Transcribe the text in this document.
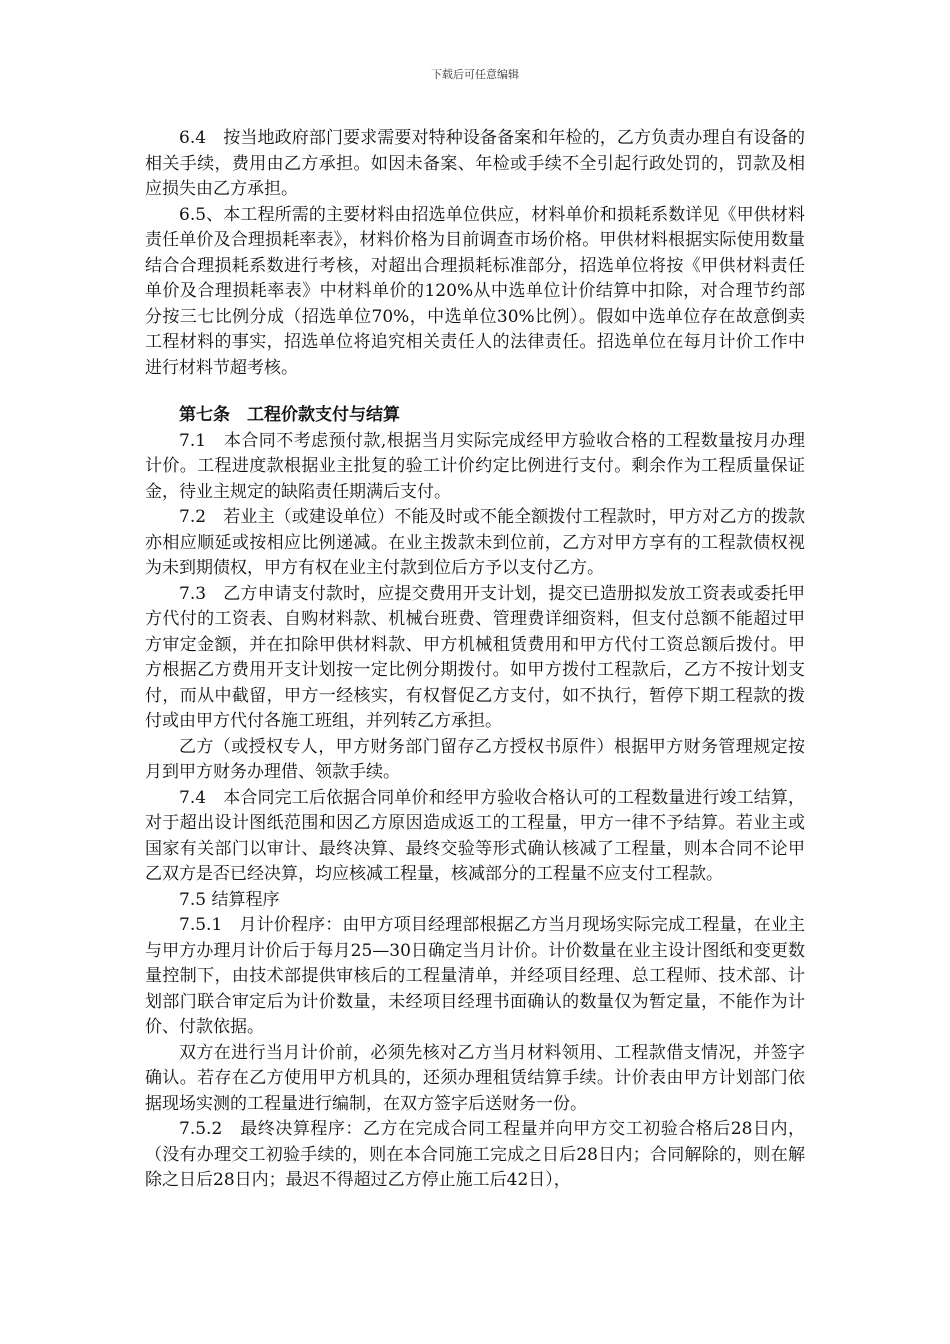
下载后可任意编辑

6.4　按当地政府部门要求需要对特种设备备案和年检的，乙方负责办理自有设备的相关手续，费用由乙方承担。如因未备案、年检或手续不全引起行政处罚的，罚款及相应损失由乙方承担。

6.5、本工程所需的主要材料由招选单位供应，材料单价和损耗系数详见《甲供材料责任单价及合理损耗率表》，材料价格为目前调查市场价格。甲供材料根据实际使用数量结合合理损耗系数进行考核，对超出合理损耗标准部分，招选单位将按《甲供材料责任单价及合理损耗率表》中材料单价的120%从中选单位计价结算中扣除，对合理节约部分按三七比例分成（招选单位70%，中选单位30%比例）。假如中选单位存在故意倒卖工程材料的事实，招选单位将追究相关责任人的法律责任。招选单位在每月计价工作中进行材料节超考核。

第七条　工程价款支付与结算

7.1　本合同不考虑预付款,根据当月实际完成经甲方验收合格的工程数量按月办理计价。工程进度款根据业主批复的验工计价约定比例进行支付。剩余作为工程质量保证金，待业主规定的缺陷责任期满后支付。

7.2　若业主（或建设单位）不能及时或不能全额拨付工程款时，甲方对乙方的拨款亦相应顺延或按相应比例递减。在业主拨款未到位前，乙方对甲方享有的工程款债权视为未到期债权，甲方有权在业主付款到位后方予以支付乙方。

7.3　乙方申请支付款时，应提交费用开支计划，提交已造册拟发放工资表或委托甲方代付的工资表、自购材料款、机械台班费、管理费详细资料，但支付总额不能超过甲方审定金额，并在扣除甲供材料款、甲方机械租赁费用和甲方代付工资总额后拨付。甲方根据乙方费用开支计划按一定比例分期拨付。如甲方拨付工程款后，乙方不按计划支付，而从中截留，甲方一经核实，有权督促乙方支付，如不执行，暂停下期工程款的拨付或由甲方代付各施工班组，并列转乙方承担。

乙方（或授权专人，甲方财务部门留存乙方授权书原件）根据甲方财务管理规定按月到甲方财务办理借、领款手续。

7.4　本合同完工后依据合同单价和经甲方验收合格认可的工程数量进行竣工结算，对于超出设计图纸范围和因乙方原因造成返工的工程量，甲方一律不予结算。若业主或国家有关部门以审计、最终决算、最终交验等形式确认核减了工程量，则本合同不论甲乙双方是否已经决算，均应核减工程量，核减部分的工程量不应支付工程款。

7.5 结算程序

7.5.1　月计价程序：由甲方项目经理部根据乙方当月现场实际完成工程量，在业主与甲方办理月计价后于每月25—30日确定当月计价。计价数量在业主设计图纸和变更数量控制下，由技术部提供审核后的工程量清单，并经项目经理、总工程师、技术部、计划部门联合审定后为计价数量，未经项目经理书面确认的数量仅为暂定量，不能作为计价、付款依据。

双方在进行当月计价前，必须先核对乙方当月材料领用、工程款借支情况，并签字确认。若存在乙方使用甲方机具的，还须办理租赁结算手续。计价表由甲方计划部门依据现场实测的工程量进行编制，在双方签字后送财务一份。

7.5.2　最终决算程序：乙方在完成合同工程量并向甲方交工初验合格后28日内，（没有办理交工初验手续的，则在本合同施工完成之日后28日内；合同解除的，则在解除之日后28日内；最迟不得超过乙方停止施工后42日），
